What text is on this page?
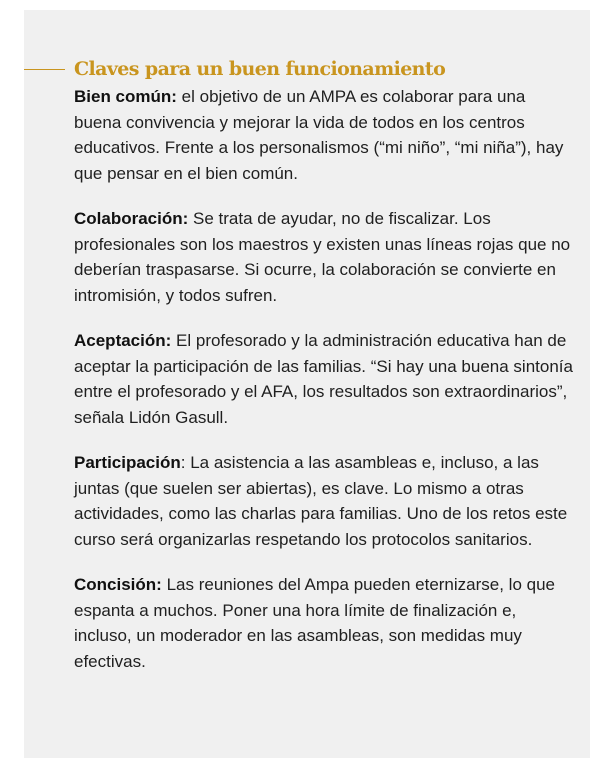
Claves para un buen funcionamiento

Bien común: el objetivo de un AMPA es colaborar para una buena convivencia y mejorar la vida de todos en los centros educativos. Frente a los personalismos (“mi niño”, “mi niña”), hay que pensar en el bien común.

Colaboración: Se trata de ayudar, no de fiscalizar. Los profesionales son los maestros y existen unas líneas rojas que no deberían traspasarse. Si ocurre, la colaboración se convierte en intromisión, y todos sufren.

Aceptación: El profesorado y la administración educativa han de aceptar la participación de las familias. “Si hay una buena sintonía entre el profesorado y el AFA, los resultados son extraordinarios”, señala Lidón Gasull.

Participación: La asistencia a las asambleas e, incluso, a las juntas (que suelen ser abiertas), es clave. Lo mismo a otras actividades, como las charlas para familias. Uno de los retos este curso será organizarlas respetando los protocolos sanitarios.

Concisión: Las reuniones del Ampa pueden eternizarse, lo que espanta a muchos. Poner una hora límite de finalización e, incluso, un moderador en las asambleas, son medidas muy efectivas.
